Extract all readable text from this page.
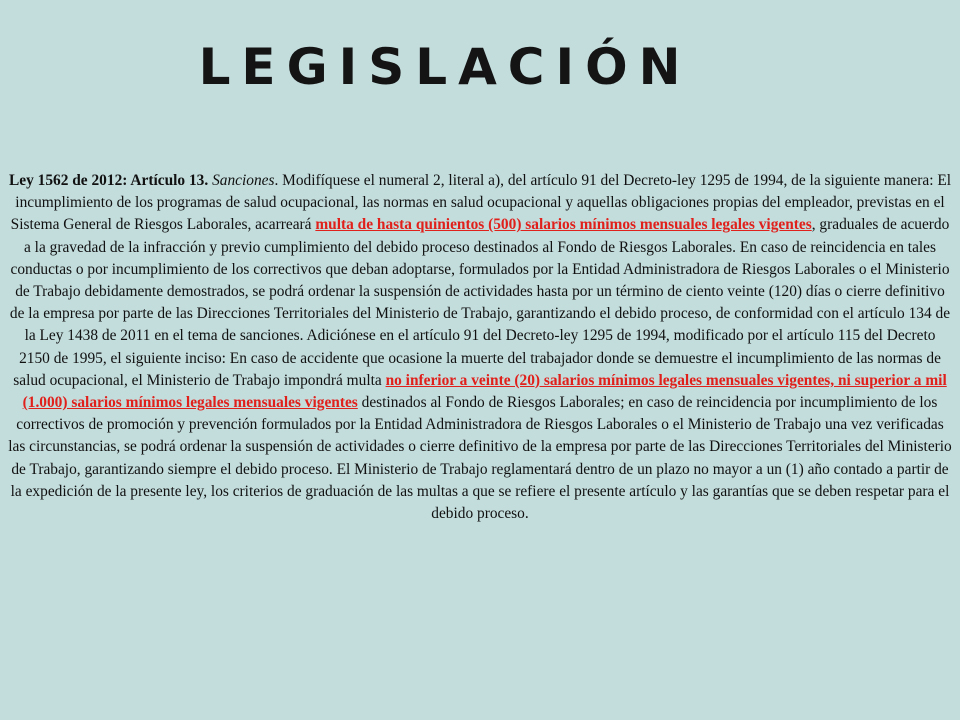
LEGISLACIÓN
Ley 1562 de 2012: Artículo 13. Sanciones. Modifíquese el numeral 2, literal a), del artículo 91 del Decreto-ley 1295 de 1994, de la siguiente manera: El incumplimiento de los programas de salud ocupacional, las normas en salud ocupacional y aquellas obligaciones propias del empleador, previstas en el Sistema General de Riesgos Laborales, acarreará multa de hasta quinientos (500) salarios mínimos mensuales legales vigentes, graduales de acuerdo a la gravedad de la infracción y previo cumplimiento del debido proceso destinados al Fondo de Riesgos Laborales. En caso de reincidencia en tales conductas o por incumplimiento de los correctivos que deban adoptarse, formulados por la Entidad Administradora de Riesgos Laborales o el Ministerio de Trabajo debidamente demostrados, se podrá ordenar la suspensión de actividades hasta por un término de ciento veinte (120) días o cierre definitivo de la empresa por parte de las Direcciones Territoriales del Ministerio de Trabajo, garantizando el debido proceso, de conformidad con el artículo 134 de la Ley 1438 de 2011 en el tema de sanciones. Adiciónese en el artículo 91 del Decreto-ley 1295 de 1994, modificado por el artículo 115 del Decreto 2150 de 1995, el siguiente inciso: En caso de accidente que ocasione la muerte del trabajador donde se demuestre el incumplimiento de las normas de salud ocupacional, el Ministerio de Trabajo impondrá multa no inferior a veinte (20) salarios mínimos legales mensuales vigentes, ni superior a mil (1.000) salarios mínimos legales mensuales vigentes destinados al Fondo de Riesgos Laborales; en caso de reincidencia por incumplimiento de los correctivos de promoción y prevención formulados por la Entidad Administradora de Riesgos Laborales o el Ministerio de Trabajo una vez verificadas las circunstancias, se podrá ordenar la suspensión de actividades o cierre definitivo de la empresa por parte de las Direcciones Territoriales del Ministerio de Trabajo, garantizando siempre el debido proceso. El Ministerio de Trabajo reglamentará dentro de un plazo no mayor a un (1) año contado a partir de la expedición de la presente ley, los criterios de graduación de las multas a que se refiere el presente artículo y las garantías que se deben respetar para el debido proceso.
